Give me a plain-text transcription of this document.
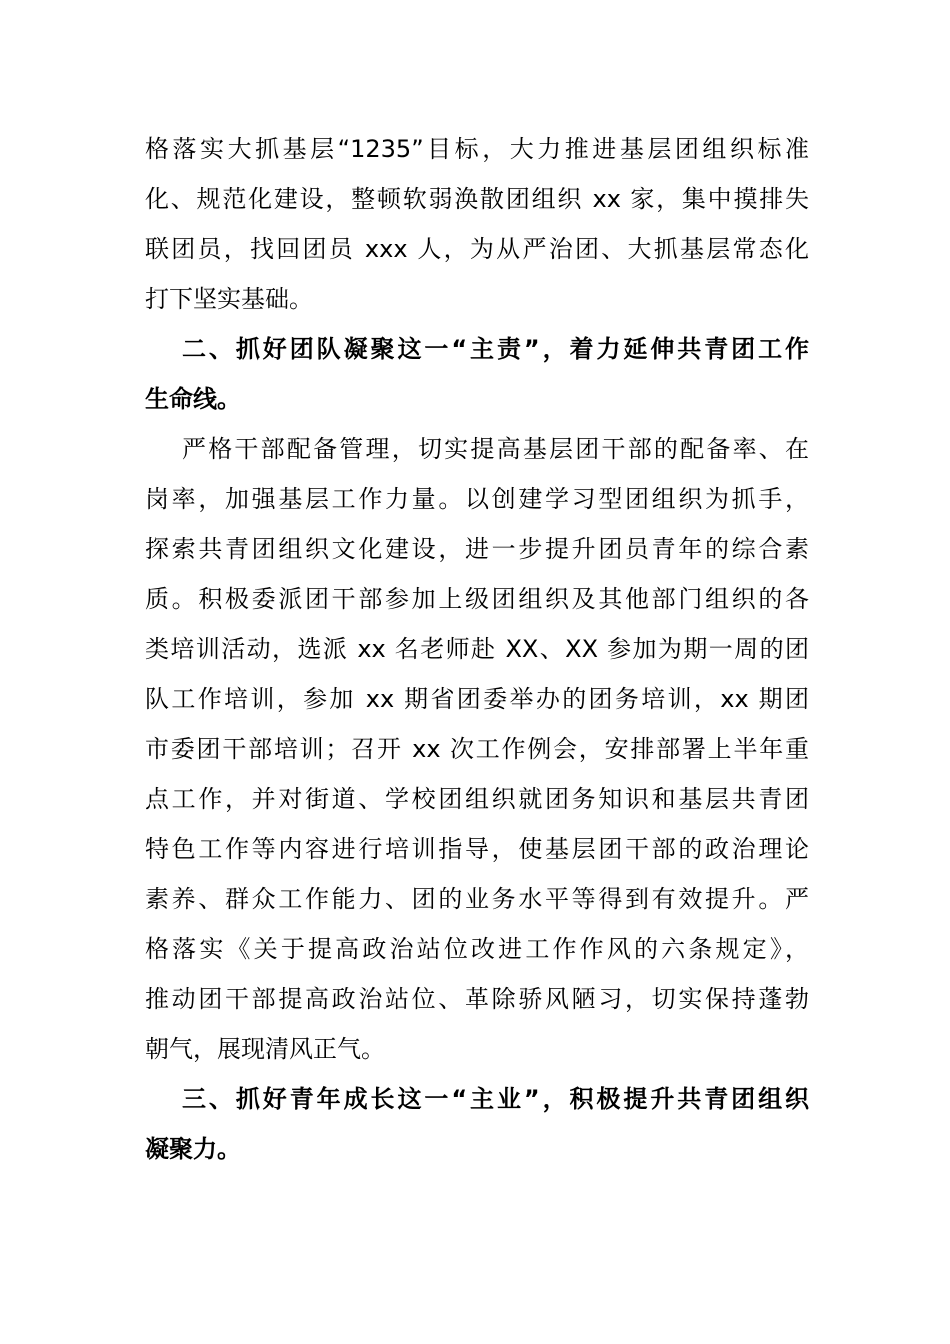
格落实大抓基层“1235”目标，大力推进基层团组织标准
化、规范化建设，整顿软弱涣散团组织 xx 家，集中摸排失
联团员，找回团员 xxx 人，为从严治团、大抓基层常态化
打下坚实基础。
二、抓好团队凝聚这一“主责”，着力延伸共青团工作
生命线。
严格干部配备管理，切实提高基层团干部的配备率、在
岗率，加强基层工作力量。以创建学习型团组织为抓手，
探索共青团组织文化建设，进一步提升团员青年的综合素
质。积极委派团干部参加上级团组织及其他部门组织的各
类培训活动，选派 xx 名老师赴 XX、XX 参加为期一周的团
队工作培训，参加 xx 期省团委举办的团务培训，xx 期团
市委团干部培训；召开 xx 次工作例会，安排部署上半年重
点工作，并对街道、学校团组织就团务知识和基层共青团
特色工作等内容进行培训指导，使基层团干部的政治理论
素养、群众工作能力、团的业务水平等得到有效提升。严
格落实《关于提高政治站位改进工作作风的六条规定》，
推动团干部提高政治站位、革除骄风陋习，切实保持蓬勃
朝气，展现清风正气。
三、抓好青年成长这一“主业”，积极提升共青团组织
凝聚力。
